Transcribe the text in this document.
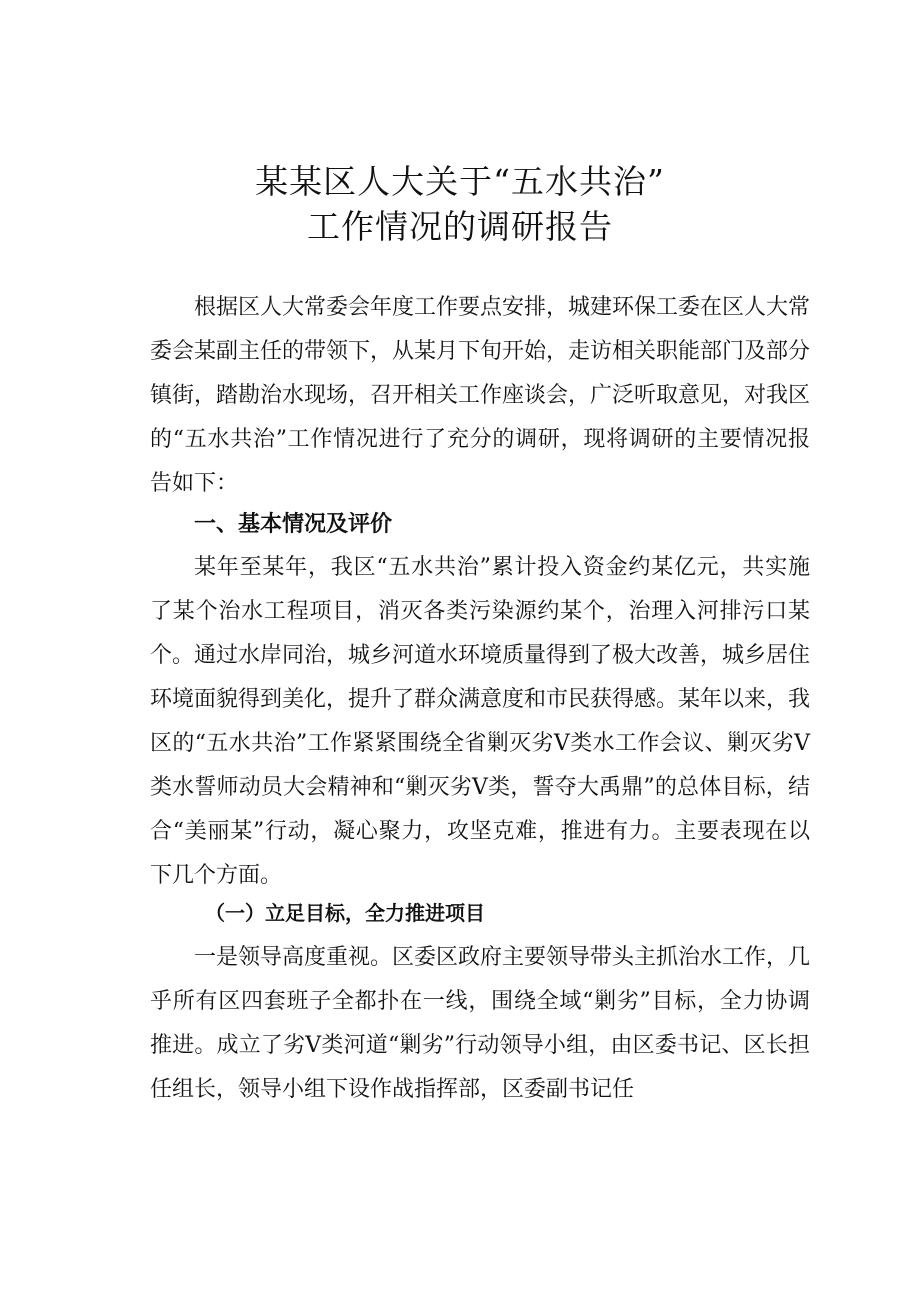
某某区人大关于“五水共治”
工作情况的调研报告
根据区人大常委会年度工作要点安排，城建环保工委在区人大常委会某副主任的带领下，从某月下旬开始，走访相关职能部门及部分镇街，踏勘治水现场，召开相关工作座谈会，广泛听取意见，对我区的“五水共治”工作情况进行了充分的调研，现将调研的主要情况报告如下：
一、基本情况及评价
某年至某年，我区“五水共治”累计投入资金约某亿元，共实施了某个治水工程项目，消灭各类污染源约某个，治理入河排污口某个。通过水岸同治，城乡河道水环境质量得到了极大改善，城乡居住环境面貌得到美化，提升了群众满意度和市民获得感。某年以来，我区的“五水共治”工作紧紧围绕全省剿灭劣Ⅴ类水工作会议、剿灭劣Ⅴ类水誓师动员大会精神和“剿灭劣Ⅴ类，誓夺大禹鼎”的总体目标，结合“美丽某”行动，凝心聚力，攻坚克难，推进有力。主要表现在以下几个方面。
（一）立足目标，全力推进项目
一是领导高度重视。区委区政府主要领导带头主抓治水工作，几乎所有区四套班子全都扑在一线，围绕全域“剿劣”目标，全力协调推进。成立了劣Ⅴ类河道“剿劣”行动领导小组，由区委书记、区长担任组长，领导小组下设作战指挥部，区委副书记任
